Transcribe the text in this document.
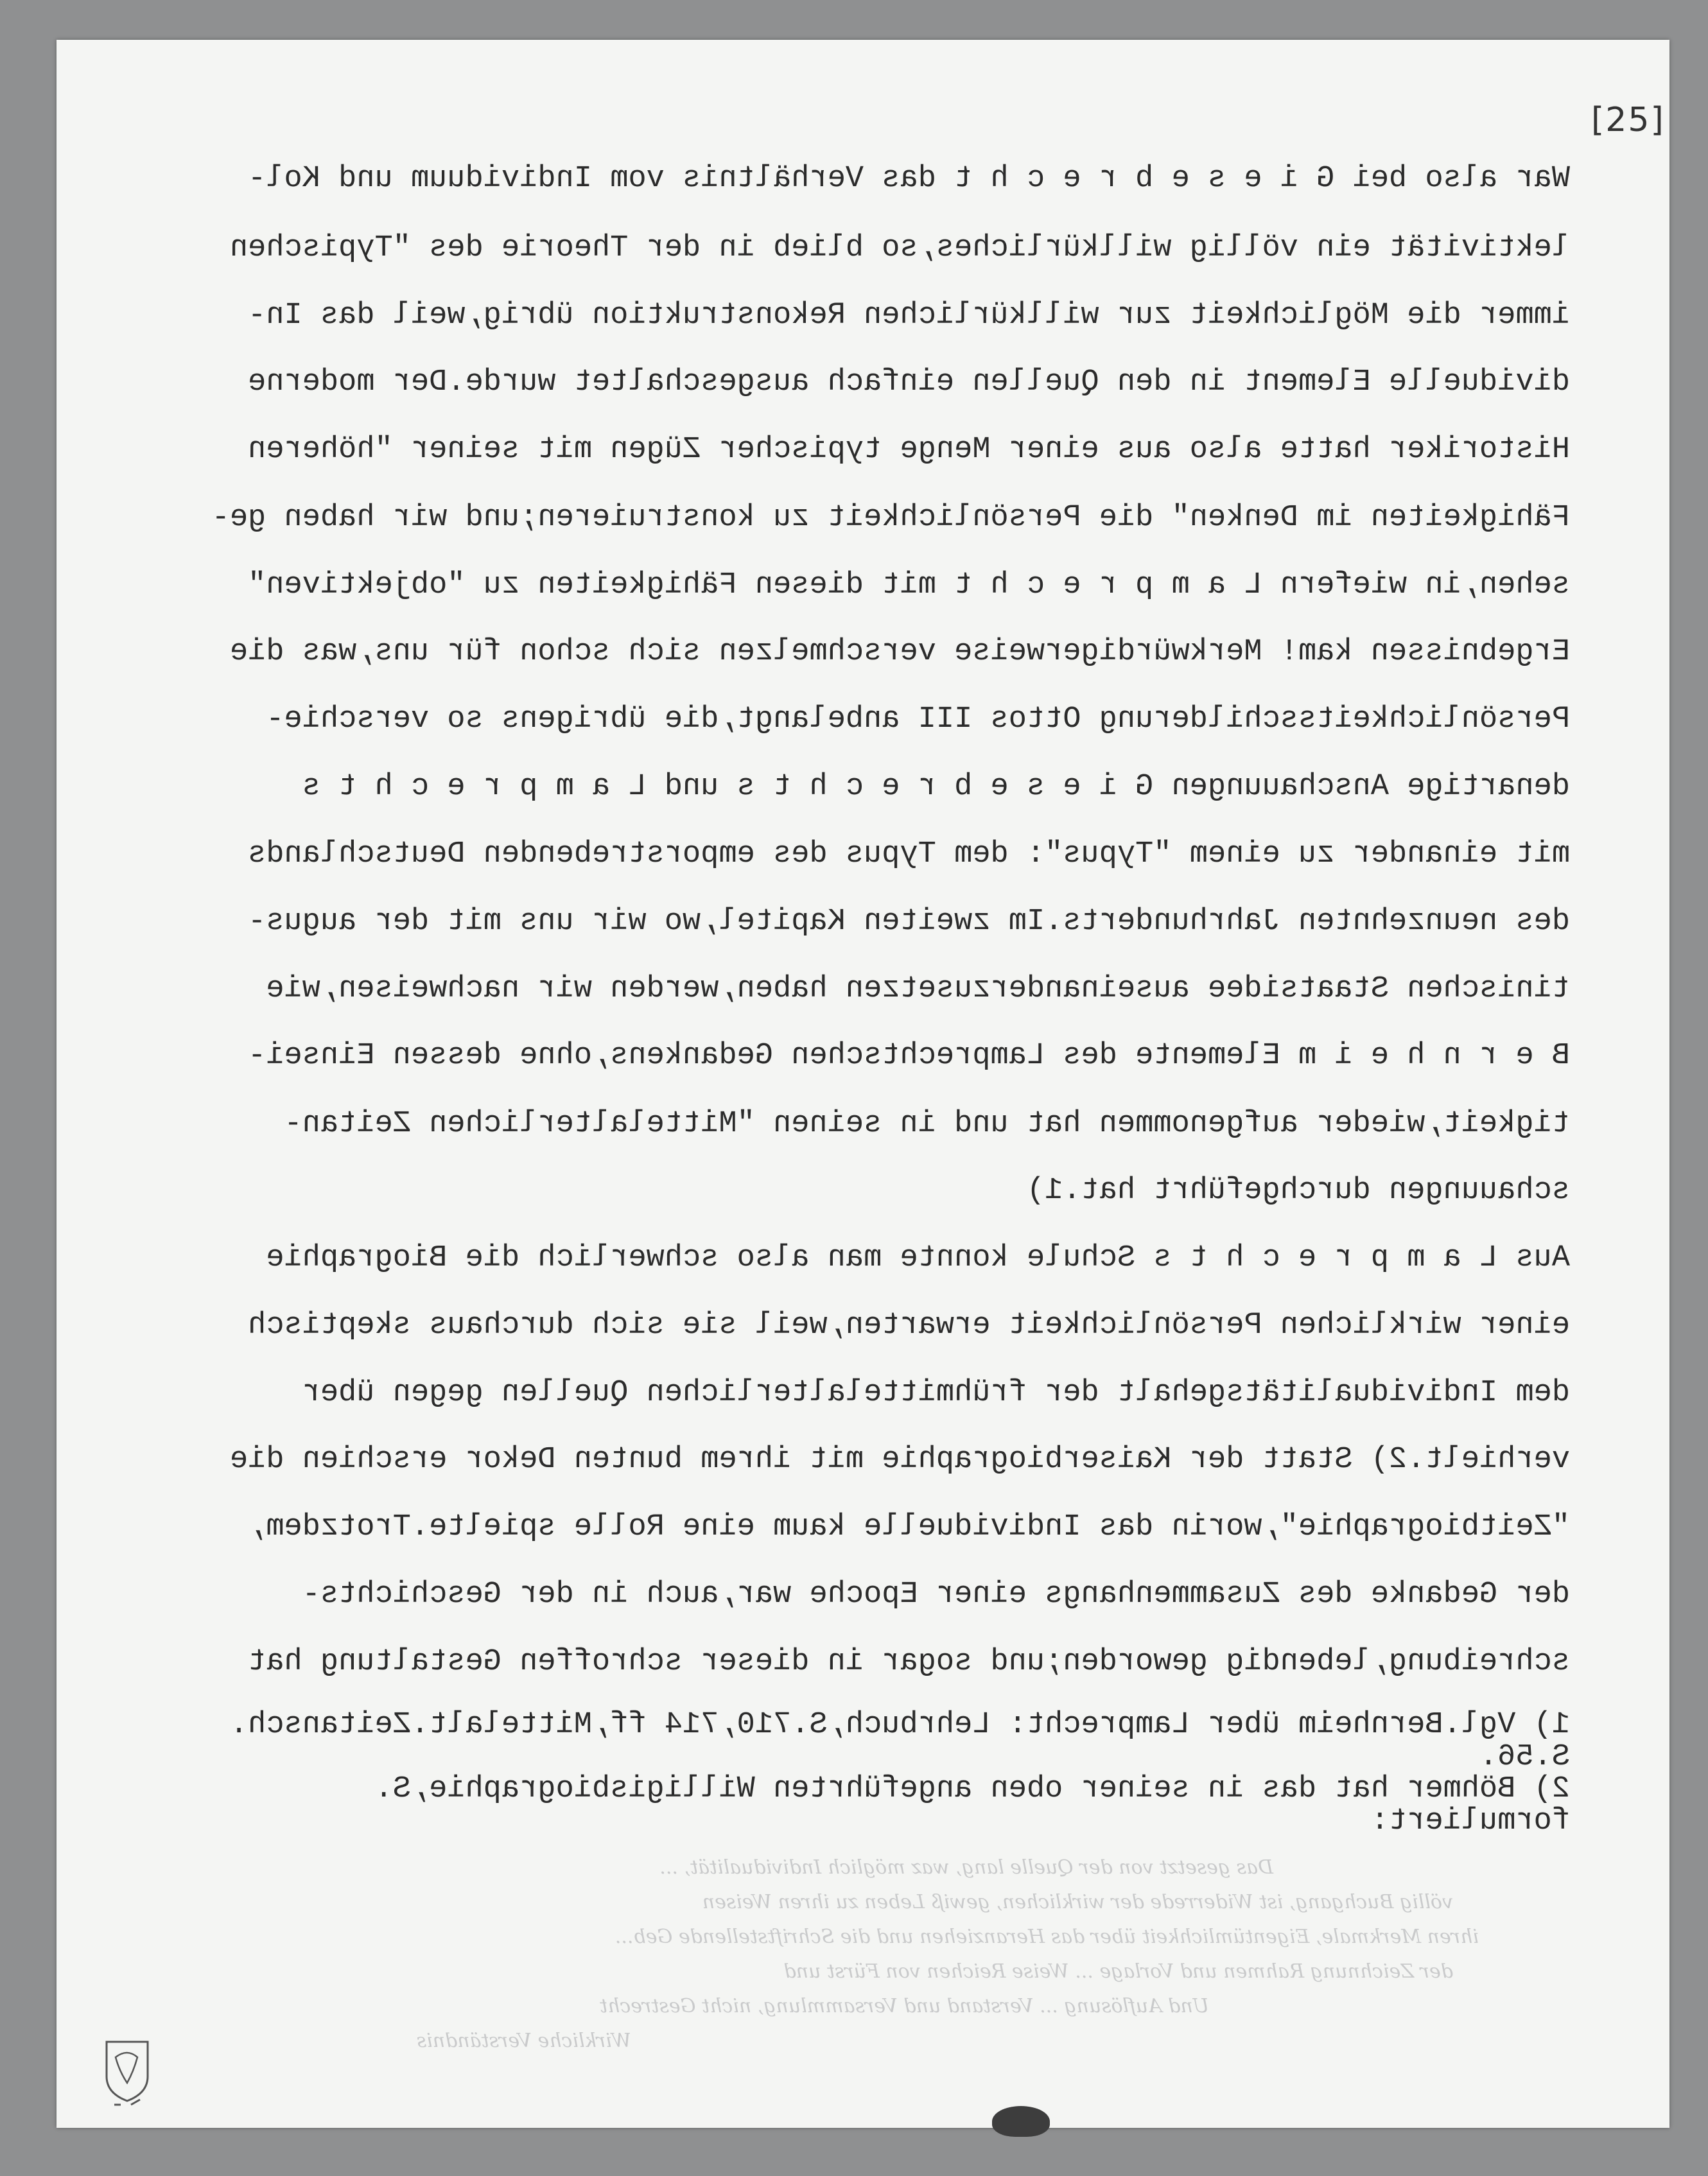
[25]
War also bei G i e s e b r e c h t das Verhältnis vom Individuum und Kol-
lektivität ein völlig willkürliches,so blieb in der Theorie des "Typischen
immer die Möglichkeit zur willkürlichen Rekonstruktion übrig,weil das In-
dividuelle Element in den Quellen einfach ausgeschaltet wurde.Der moderne
Historiker hatte also aus einer Menge typischer Zügen mit seiner "höheren
Fähigkeiten im Denken" die Persönlichkeit zu konstruieren;und wir haben ge-
sehen,in wiefern L a m p r e c h t mit diesen Fähigkeiten zu "objektiven"
Ergebnissen kam! Merkwürdigerweise verschmelzen sich schon für uns,was die
Persönlichkeitsschilderung Ottos III anbelangt,die übrigens so verschie-
denartige Anschauungen G i e s e b r e c h t s und L a m p r e c h t s
mit einander zu einem "Typus": dem Typus des emporstrebenden Deutschlands
des neunzehnten Jahrhunderts.Im zweiten Kapitel,wo wir uns mit der augus-
tinischen Staatsidee auseinanderzusetzen haben,werden wir nachweisen,wie
B e r n h e i m Elemente des Lamprechtschen Gedankens,ohne dessen Einsei-
tigkeit,wieder aufgenommen hat und in seinen "Mittelalterlichen Zeitan-
schauungen durchgeführt hat.1)
Aus L a m p r e c h t s Schule konnte man also schwerlich die Biographie
einer wirklichen Persönlichkeit erwarten,weil sie sich durchaus skeptisch
dem Individualitätsgehalt der frühmittelalterlichen Quellen gegen über
verhielt.2) Statt der Kaiserbiographie mit ihrem bunten Dekor erschien die
"Zeitbiographie",worin das Individuelle kaum eine Rolle spielte.Trotzdem,
der Gedanke des Zusammenhangs einer Epoche war,auch in der Geschichts-
schreibung,lebendig geworden;und sogar in dieser schroffen Gestaltung hat
1) Vgl.Bernheim über Lamprecht: Lehrbuch,S.710,714 ff,Mittelalt.Zeitansch.
S.56.
2) Böhmer hat das in seiner oben angeführten Willigisbiographie,S.
formuliert:
Das gesetzt von der Quelle lang, waz möglich Individualität, ...
völlig Buchgang, ist Widerrede der wirklichen, gewiß Leben zu ihren Weisen
ihren Merkmale, Eigentümlichkeit über das Heranziehen und die Schriftstellende Geb...
der Zeichnung Rahmen und Vorlage ... Weise Reichen von Fürst und
Und Auflösung ... Verstand und Versammlung, nicht Gestrecht
Wirkliche Verständnis
